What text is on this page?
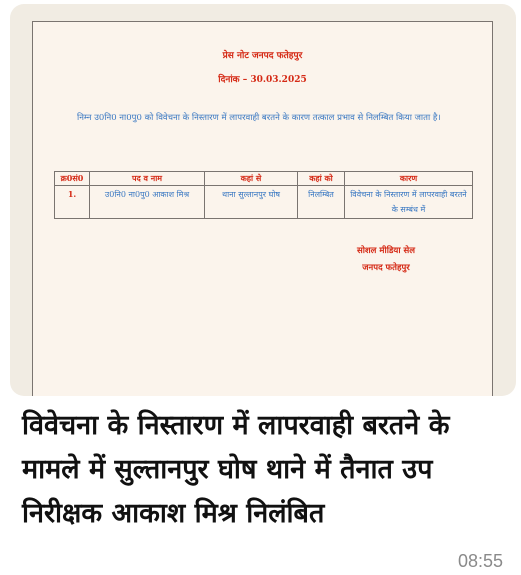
प्रेस नोट जनपद फतेहपुर
दिनांक – 30.03.2025
निम्न उ0नि0 ना0पु0 को विवेचना के निस्तारण में लापरवाही बरतने के कारण तत्काल प्रभाव से निलम्बित किया जाता है।
क्र0सं0	पद व नाम	कहां से	कहां को	कारण
1.	उ0नि0 ना0पु0 आकाश मिश्र	थाना सुल्तानपुर घोष	निलम्बित	विवेचना के निस्तारण में लापरवाही बरतने के सम्बंध में
सोशल मीडिया सेल
जनपद फतेहपुर
विवेचना के निस्तारण में लापरवाही बरतने के मामले में सुल्तानपुर घोष थाने में तैनात उप निरीक्षक आकाश मिश्र निलंबित
08:55
